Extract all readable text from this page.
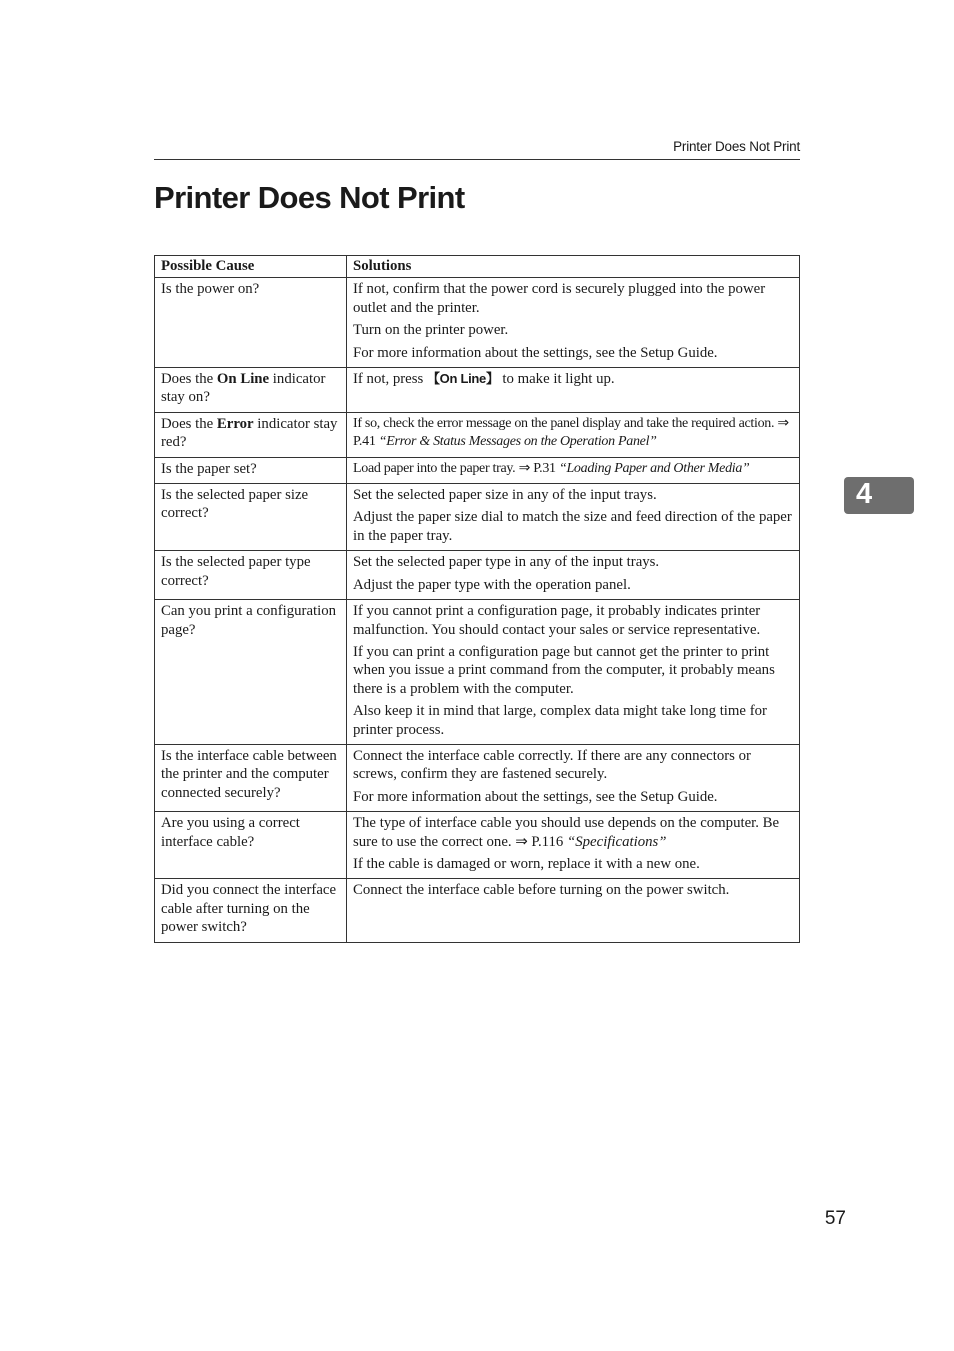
Printer Does Not Print
Printer Does Not Print
4
Possible Cause	Solutions
Is the power on?	If not, confirm that the power cord is securely plugged into the power outlet and the printer.

Turn on the printer power.

For more information about the settings, see the Setup Guide.

Does the On Line indicator stay on?	If not, press 【On Line】 to make it light up.
Does the Error indicator stay red?	If so, check the error message on the panel display and take the required action. ⇒ P.41 “Error & Status Messages on the Operation Panel”
Is the paper set?	Load paper into the paper tray. ⇒ P.31 “Loading Paper and Other Media”
Is the selected paper size correct?	Set the selected paper size in any of the input trays.

Adjust the paper size dial to match the size and feed direction of the paper in the paper tray.

Is the selected paper type correct?	Set the selected paper type in any of the input trays.

Adjust the paper type with the operation panel.

Can you print a configuration page?	If you cannot print a configuration page, it probably indicates printer malfunction. You should contact your sales or service representative.

If you can print a configuration page but cannot get the printer to print when you issue a print command from the computer, it probably means there is a problem with the computer.

Also keep it in mind that large, complex data might take long time for printer process.

Is the interface cable between the printer and the computer connected securely?	Connect the interface cable correctly. If there are any connectors or screws, confirm they are fastened securely.

For more information about the settings, see the Setup Guide.

Are you using a correct interface cable?	The type of interface cable you should use depends on the computer. Be sure to use the correct one. ⇒ P.116 “Specifications”

If the cable is damaged or worn, replace it with a new one.

Did you connect the interface cable after turning on the power switch?	Connect the interface cable before turning on the power switch.

57
